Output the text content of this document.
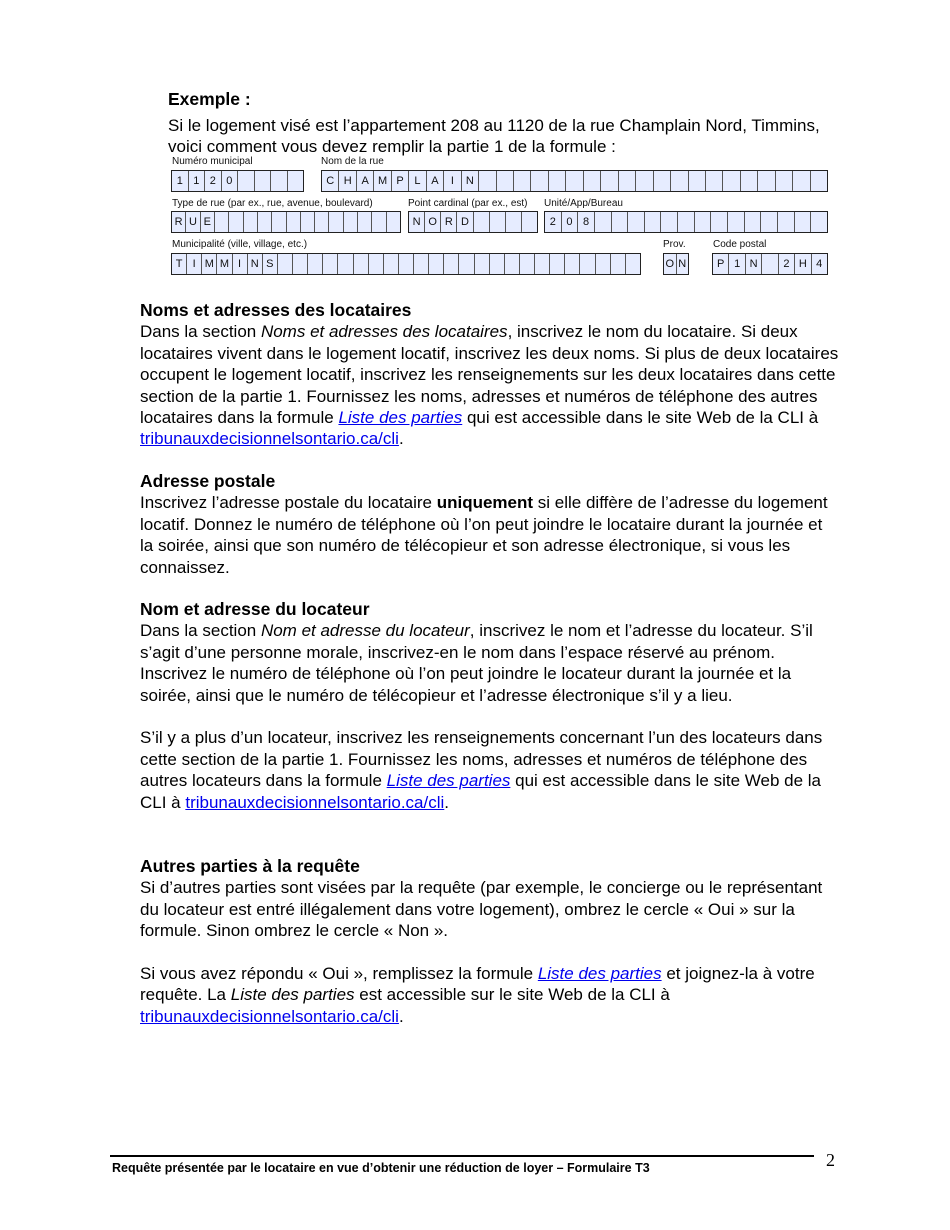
Exemple :
Si le logement visé est l’appartement 208 au 1120 de la rue Champlain Nord, Timmins, voici comment vous devez remplir la partie 1 de la formule :
Numéro municipal
1 1 2 0
Nom de la rue
C H A M P L A	I	N
Type de rue (par ex., rue, avenue, boulevard)
R U E
Point cardinal (par ex., est)
N O R D
Unité/App/Bureau
2 0 8
Municipalité (ville, village, etc.)
T I M M I N S
Prov.
O N
Code postal
P 1 N	2 H 4
Noms et adresses des locataires

Dans la section Noms et adresses des locataires, inscrivez le nom du locataire. Si deux locataires vivent dans le logement locatif, inscrivez les deux noms. Si plus de deux locataires occupent le logement locatif, inscrivez les renseignements sur les deux locataires dans cette section de la partie 1. Fournissez les noms, adresses et numéros de téléphone des autres locataires dans la formule Liste des parties qui est accessible dans le site Web de la CLI à tribunauxdecisionnelsontario.ca/cli.

Adresse postale

Inscrivez l’adresse postale du locataire uniquement si elle diffère de l’adresse du logement locatif. Donnez le numéro de téléphone où l’on peut joindre le locataire durant la journée et la soirée, ainsi que son numéro de télécopieur et son adresse électronique, si vous les connaissez.

Nom et adresse du locateur

Dans la section Nom et adresse du locateur, inscrivez le nom et l’adresse du locateur. S’il s’agit d’une personne morale, inscrivez-en le nom dans l’espace réservé au prénom. Inscrivez le numéro de téléphone où l’on peut joindre le locateur durant la journée et la soirée, ainsi que le numéro de télécopieur et l’adresse électronique s’il y a lieu.

S’il y a plus d’un locateur, inscrivez les renseignements concernant l’un des locateurs dans cette section de la partie 1. Fournissez les noms, adresses et numéros de téléphone des autres locateurs dans la formule Liste des parties qui est accessible dans le site Web de la CLI à tribunauxdecisionnelsontario.ca/cli.

Autres parties à la requête

Si d’autres parties sont visées par la requête (par exemple, le concierge ou le représentant du locateur est entré illégalement dans votre logement), ombrez le cercle « Oui » sur la formule. Sinon ombrez le cercle « Non ».

Si vous avez répondu « Oui », remplissez la formule Liste des parties et joignez-la à votre requête. La Liste des parties est accessible sur le site Web de la CLI à tribunauxdecisionnelsontario.ca/cli.

Requête présentée par le locataire en vue d’obtenir une réduction de loyer – Formulaire T3	2
